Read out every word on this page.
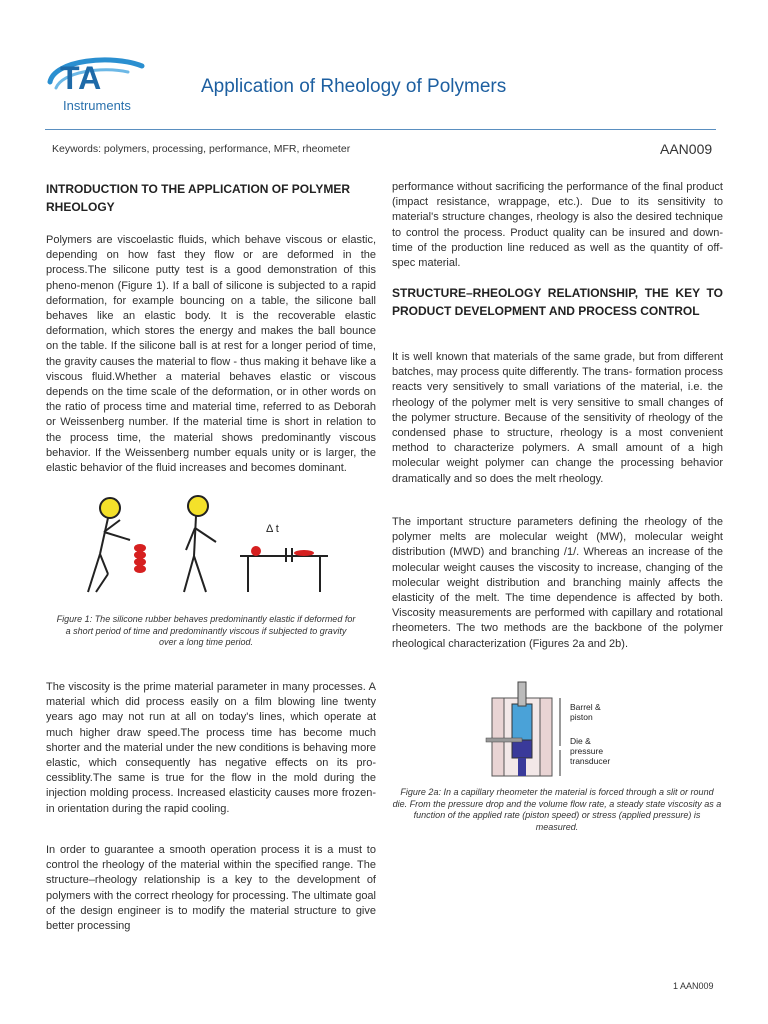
TA
Instruments
Application of Rheology of Polymers
Keywords: polymers, processing, performance, MFR, rheometer	AAN009
INTRODUCTION TO THE APPLICATION OF POLYMER RHEOLOGY

Polymers are viscoelastic fluids, which behave viscous or elastic, depending on how fast they flow or are deformed in the process.The silicone putty test is a good demonstration of this pheno-menon (Figure 1). If a ball of silicone is subjected to a rapid deformation, for example bouncing on a table, the silicone ball behaves like an elastic body. It is the recoverable elastic deformation, which stores the energy and makes the ball bounce on the table. If the silicone ball is at rest for a longer period of time, the gravity causes the material to flow - thus making it behave like a viscous fluid.Whether a material behaves elastic or viscous depends on the time scale of the deformation, or in other words on the ratio of process time and material time, referred to as Deborah or Weissenberg number. If the material time is short in relation to the process time, the material shows predominantly viscous behavior. If the Weissenberg number equals unity or is larger, the elastic behavior of the fluid increases and becomes dominant.

Δ t
Figure 1: The silicone rubber behaves predominantly elastic if deformed for a short period of time and predominantly viscous if subjected to gravity over a long time period.

The viscosity is the prime material parameter in many processes. A material which did process easily on a film blowing line twenty years ago may not run at all on today's lines, which operate at much higher draw speed.The process time has become much shorter and the material under the new conditions is behaving more elastic, which consequently has negative effects on its pro- cessiblity.The same is true for the flow in the mold during the injection molding process. Increased elasticity causes more frozen-in orientation during the rapid cooling.

In order to guarantee a smooth operation process it is a must to control the rheology of the material within the specified range. The structure–rheology relationship is a key to the development of polymers with the correct rheology for processing. The ultimate goal of the design engineer is to modify the material structure to give better processing

performance without sacrificing the performance of the final product (impact resistance, wrappage, etc.). Due to its sensitivity to material's structure changes, rheology is also the desired technique to control the process. Product quality can be insured and down-time of the production line reduced as well as the quantity of off-spec material.

STRUCTURE–RHEOLOGY RELATIONSHIP, THE KEY TO PRODUCT DEVELOPMENT AND PROCESS CONTROL

It is well known that materials of the same grade, but from different batches, may process quite differently. The trans- formation process reacts very sensitively to small variations of the material, i.e. the rheology of the polymer melt is very sensitive to small changes of the polymer structure. Because of the sensitivity of rheology of the condensed phase to structure, rheology is a most convenient method to characterize polymers. A small amount of a high molecular weight polymer can change the processing behavior dramatically and so does the melt rheology.

The important structure parameters defining the rheology of the polymer melts are molecular weight (MW), molecular weight distribution (MWD) and branching /1/. Whereas an increase of the molecular weight causes the viscosity to increase, changing of the molecular weight distribution and branching mainly affects the elasticity of the melt. The time dependence is affected by both. Viscosity measurements are performed with capillary and rotational rheometers. The two methods are the backbone of the polymer rheological characterization (Figures 2a and 2b).

Barrel &
piston
Die &
pressure
transducer
Figure 2a: In a capillary rheometer the material is forced through a slit or round die. From the pressure drop and the volume flow rate, a steady state viscosity as a function of the applied rate (piston speed) or stress (applied pressure) is measured.
1 AAN009
